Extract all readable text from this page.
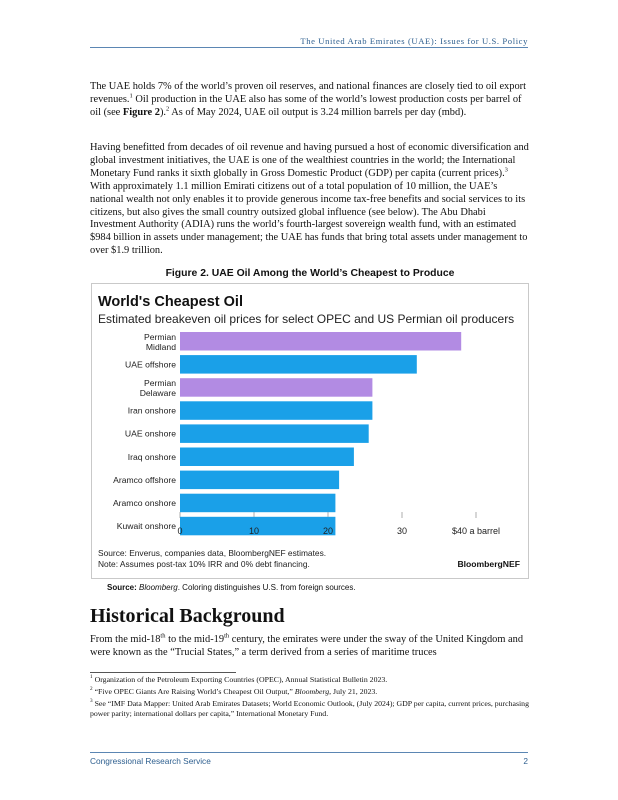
The United Arab Emirates (UAE): Issues for U.S. Policy

The UAE holds 7% of the world’s proven oil reserves, and national finances are closely tied to oil export revenues.$^1$ Oil production in the UAE also has some of the world’s lowest production costs per barrel of oil (see Figure 2).$^2$ As of May 2024, UAE oil output is 3.24 million barrels per day (mbd).

Having benefitted from decades of oil revenue and having pursued a host of economic diversification and global investment initiatives, the UAE is one of the wealthiest countries in the world; the International Monetary Fund ranks it sixth globally in Gross Domestic Product (GDP) per capita (current prices).$^3$ With approximately 1.1 million Emirati citizens out of a total population of 10 million, the UAE’s national wealth not only enables it to provide generous income tax-free benefits and social services to its citizens, but also gives the small country outsized global influence (see below). The Abu Dhabi Investment Authority (ADIA) runs the world’s fourth-largest sovereign wealth fund, with an estimated $984 billion in assets under management; the UAE has funds that bring total assets under management to over $1.9 trillion.

Figure 2. UAE Oil Among the World’s Cheapest to Produce
World's Cheapest Oil
Estimated breakeven oil prices for select OPEC and US Permian oil producers
Permian Midland
UAE offshore
Permian Delaware
Iran onshore
UAE onshore
Iraq onshore
Aramco offshore
Aramco onshore
Kuwait onshore 0	10	20	30	$40 a barrel
Source: Enverus, companies data, BloombergNEF estimates.
Note: Assumes post-tax 10% IRR and 0% debt financing.	BloombergNEF
Source: Bloomberg. Coloring distinguishes U.S. from foreign sources.
Historical Background

From the mid-18th to the mid-19th century, the emirates were under the sway of the United Kingdom and were known as the “Trucial States,” a term derived from a series of maritime truces

$^1$ Organization of the Petroleum Exporting Countries (OPEC), Annual Statistical Bulletin 2023.

$^2$ “Five OPEC Giants Are Raising World’s Cheapest Oil Output,” Bloomberg, July 21, 2023.

$^3$ See “IMF Data Mapper: United Arab Emirates Datasets; World Economic Outlook, (July 2024); GDP per capita, current prices, purchasing power parity; international dollars per capita,” International Monetary Fund.

Congressional Research Service	2
